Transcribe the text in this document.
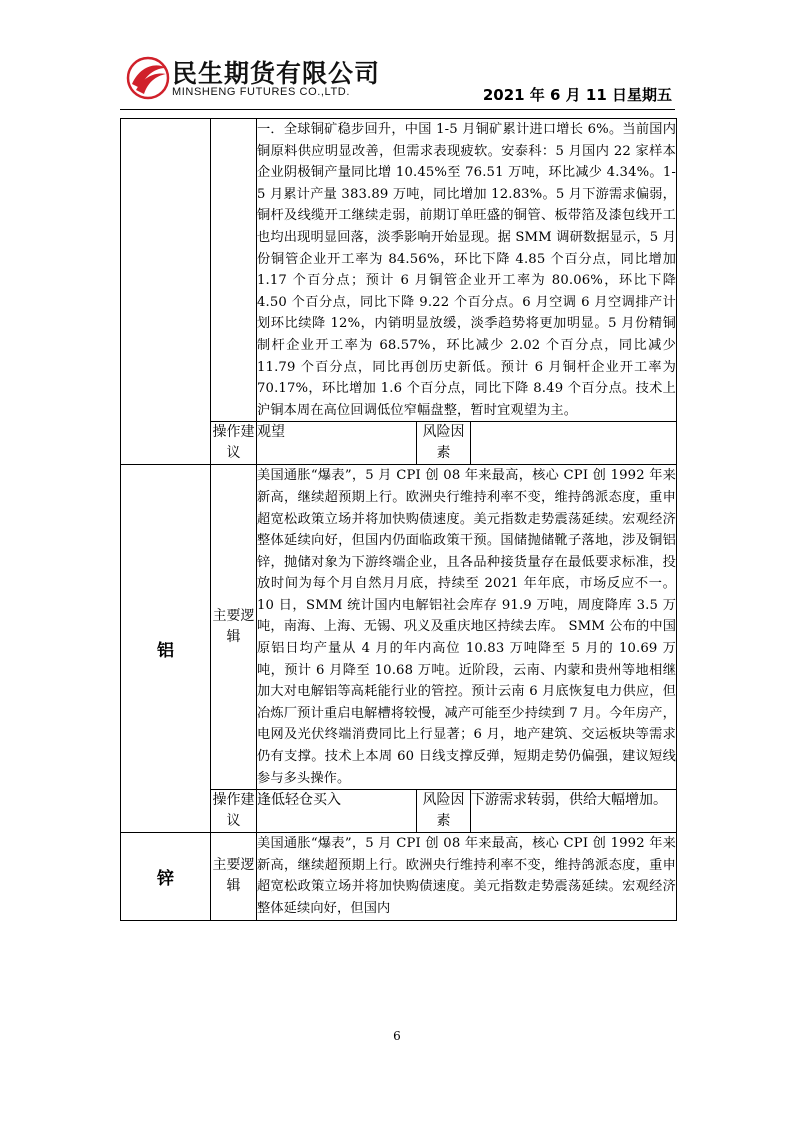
民生期货有限公司
MINSHENG FUTURES CO.,LTD.	2021 年 6 月 11 日星期五
		一．全球铜矿稳步回升，中国 1-5 月铜矿累计进口增长 6%。当前国内铜原料供应明显改善，但需求表现疲软。安泰科：5 月国内 22 家样本企业阴极铜产量同比增 10.45%至 76.51 万吨，环比减少 4.34%。1-5 月累计产量 383.89 万吨，同比增加 12.83%。5 月下游需求偏弱，铜杆及线缆开工继续走弱，前期订单旺盛的铜管、板带箔及漆包线开工也均出现明显回落，淡季影响开始显现。据 SMM 调研数据显示，5 月份铜管企业开工率为 84.56%，环比下降 4.85 个百分点，同比增加 1.17 个百分点；预计 6 月铜管企业开工率为 80.06%，环比下降 4.50 个百分点，同比下降 9.22 个百分点。6 月空调 6 月空调排产计划环比续降 12%，内销明显放缓，淡季趋势将更加明显。5 月份精铜制杆企业开工率为 68.57%，环比减少 2.02 个百分点，同比减少 11.79 个百分点，同比再创历史新低。预计 6 月铜杆企业开工率为 70.17%，环比增加 1.6 个百分点，同比下降 8.49 个百分点。技术上沪铜本周在高位回调低位窄幅盘整，暂时宜观望为主。		
	操作建议	观望	风险因素	
铝	主要逻辑	美国通胀“爆表”，5 月 CPI 创 08 年来最高，核心 CPI 创 1992 年来新高，继续超预期上行。欧洲央行维持利率不变，维持鸽派态度，重申超宽松政策立场并将加快购债速度。美元指数走势震荡延续。宏观经济整体延续向好，但国内仍面临政策干预。国储抛储靴子落地，涉及铜铝锌，抛储对象为下游终端企业，且各品种接货量存在最低要求标准，投放时间为每个月自然月月底，持续至 2021 年年底，市场反应不一。10 日，SMM 统计国内电解铝社会库存 91.9 万吨，周度降库 3.5 万吨，南海、上海、无锡、巩义及重庆地区持续去库。 SMM 公布的中国原铝日均产量从 4 月的年内高位 10.83 万吨降至 5 月的 10.69 万吨，预计 6 月降至 10.68 万吨。近阶段，云南、内蒙和贵州等地相继加大对电解铝等高耗能行业的管控。预计云南 6 月底恢复电力供应，但冶炼厂预计重启电解槽将较慢，减产可能至少持续到 7 月。今年房产，电网及光伏终端消费同比上行显著；6 月，地产建筑、交运板块等需求仍有支撑。技术上本周 60 日线支撑反弹，短期走势仍偏强，建议短线参与多头操作。		
	操作建议	逢低轻仓买入	风险因素	下游需求转弱，供给大幅增加。
锌	主要逻辑	美国通胀“爆表”，5 月 CPI 创 08 年来最高，核心 CPI 创 1992 年来新高，继续超预期上行。欧洲央行维持利率不变，维持鸽派态度，重申超宽松政策立场并将加快购债速度。美元指数走势震荡延续。宏观经济整体延续向好，但国内		
6
